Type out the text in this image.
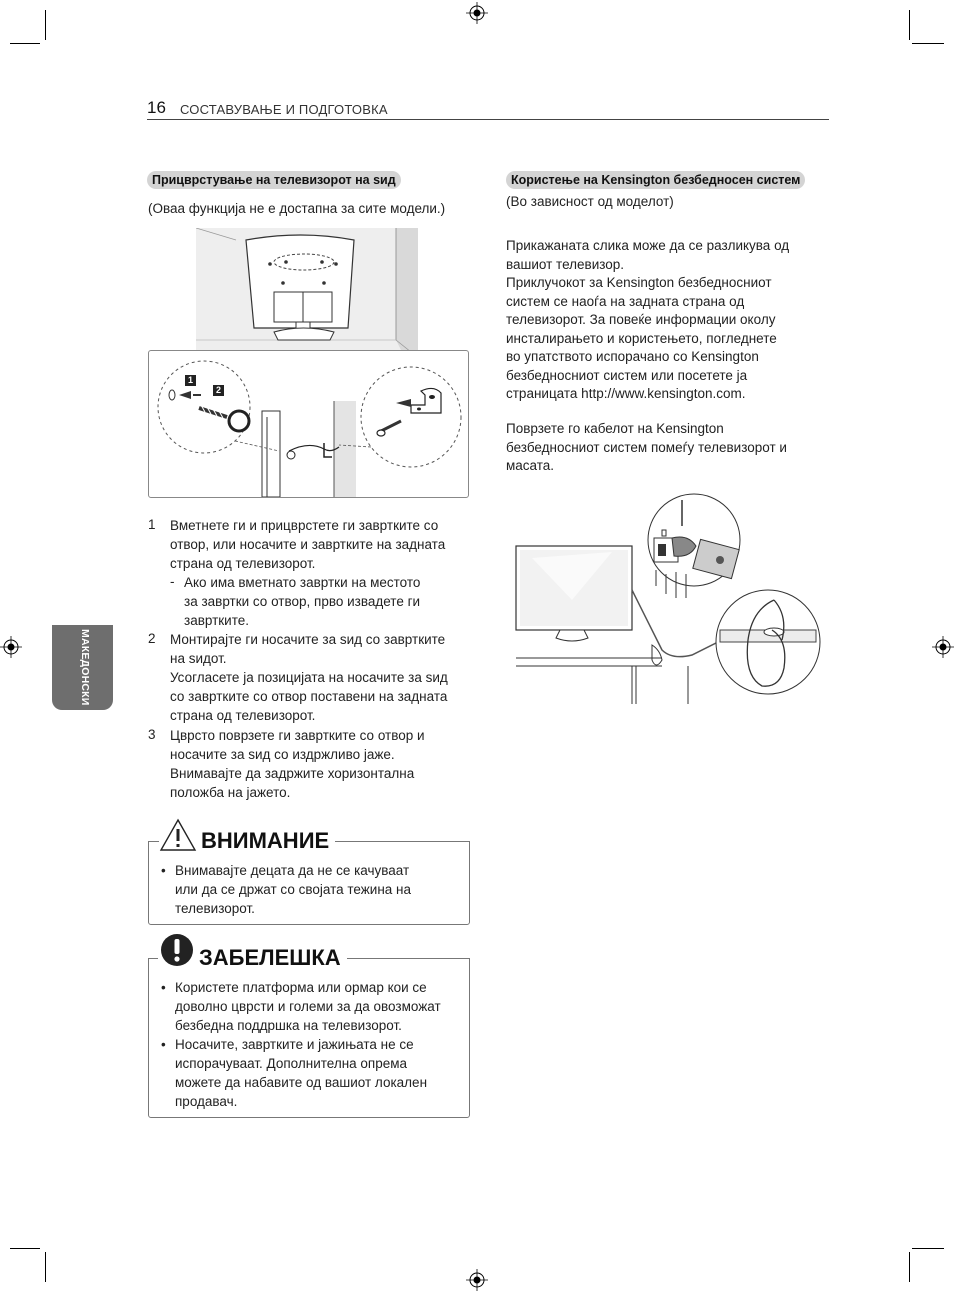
16 СОСТАВУВАЊЕ И ПОДГОТОВКА
МАКЕДОНСКИ
Прицврстување на телевизорот на ѕид
(Оваа функција не е достапна за сите модели.)
1
2
1 Вметнете ги и прицврстете ги завртките со
отвор, или носачите и завртките на задната
страна од телевизорот.
- Ако има вметнато завртки на местото
за завртки со отвор, прво извадете ги
завртките.
2 Монтирајте ги носачите за ѕид со завртките
на ѕидот.
Усогласете ја позицијата на носачите за ѕид
со завртките со отвор поставени на задната
страна од телевизорот.
3 Цврсто поврзете ги завртките со отвор и
носачите за ѕид со издржливо јаже.
Внимавајте да задржите хоризонтална
положба на јажето.
ВНИМАНИЕ
• Внимавајте децата да не се качуваат
или да се држат со својата тежина на
телевизорот.
ЗАБЕЛЕШКА
• Користете платформа или ормар кои се
доволно цврсти и големи за да овозможат
безбедна поддршка на телевизорот.
• Носачите, завртките и јажињата не се
испорачуваат. Дополнителна опрема
можете да набавите од вашиот локален
продавач.
Користење на Kensington безбедносен систем
(Во зависност од моделот)
Прикажаната слика може да се разликува од
вашиот телевизор.
Приклучокот за Kensington безбедносниот
систем се наоѓа на задната страна од
телевизорот. За повеќе информации околу
инсталирањето и користењето, погледнете
во упатството испорачано со Kensington
безбедносниот систем или посетете ја
страницата http://www.kensington.com.
Поврзете го кабелот на Kensington
безбедносниот систем помеѓу телевизорот и
масата.
